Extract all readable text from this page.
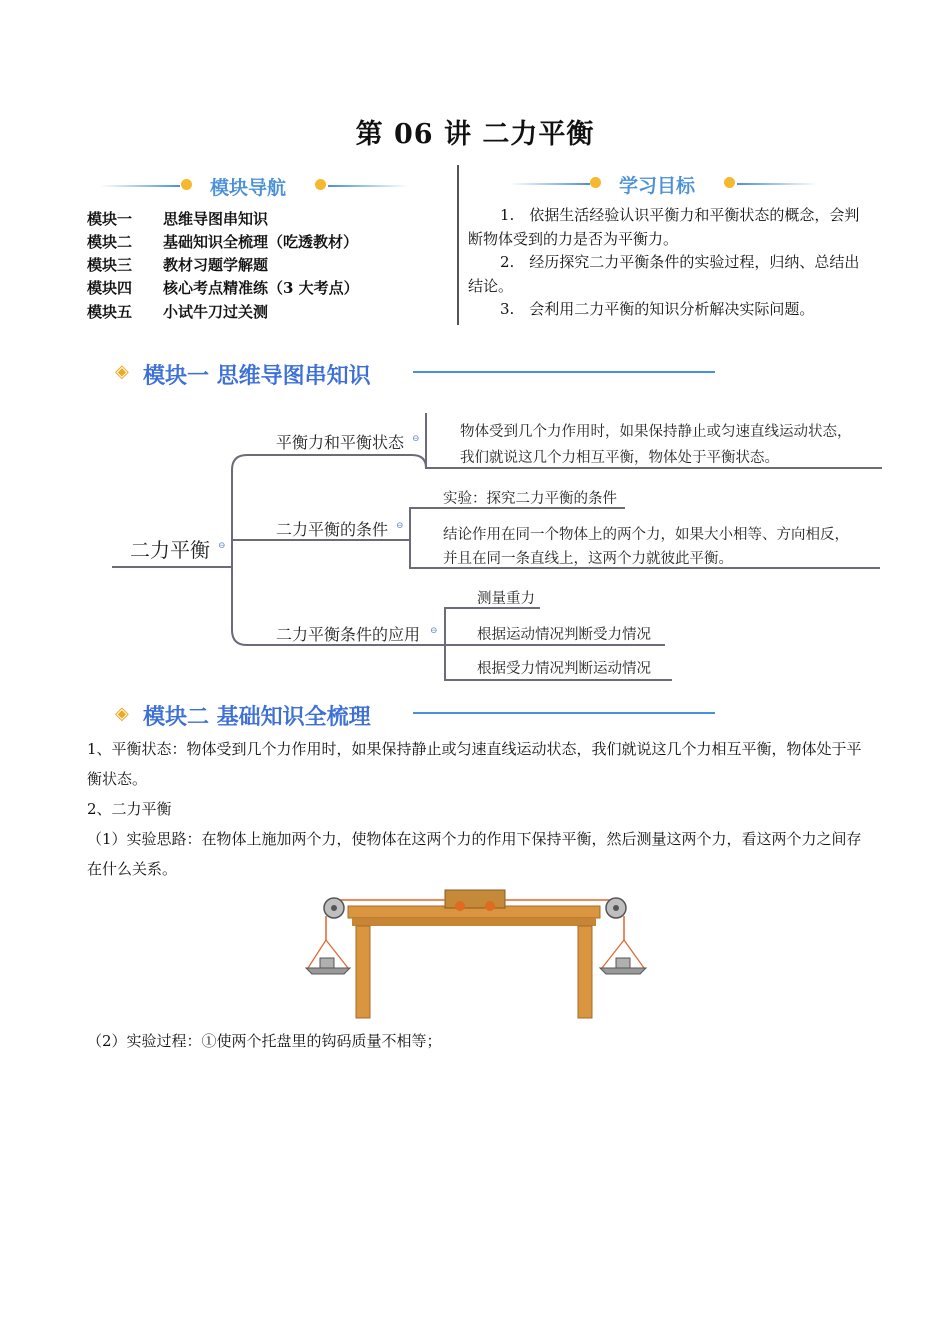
第 06 讲 二力平衡
模块导航	学习目标
模块一 思维导图串知识
模块二 基础知识全梳理（吃透教材）
模块三 教材习题学解题
模块四 核心考点精准练（3 大考点）
模块五 小试牛刀过关测
1.　依据生活经验认识平衡力和平衡状态的概念，会判断物体受到的力是否为平衡力。
2.　经历探究二力平衡条件的实验过程，归纳、总结出结论。
3.　会利用二力平衡的知识分析解决实际问题。
◈ 模块一 思维导图串知识
二力平衡 ⊖
平衡力和平衡状态 ⊖	物体受到几个力作用时，如果保持静止或匀速直线运动状态，
我们就说这几个力相互平衡，物体处于平衡状态。
二力平衡的条件 ⊖
实验：探究二力平衡的条件
结论作用在同一个物体上的两个力，如果大小相等、方向相反，
并且在同一条直线上，这两个力就彼此平衡。
二力平衡条件的应用 ⊖
测量重力
根据运动情况判断受力情况
根据受力情况判断运动情况
◈ 模块二 基础知识全梳理
1、平衡状态：物体受到几个力作用时，如果保持静止或匀速直线运动状态，我们就说这几个力相互平衡，物体处于平衡状态。
2、二力平衡
（1）实验思路：在物体上施加两个力，使物体在这两个力的作用下保持平衡，然后测量这两个力，看这两个力之间存在什么关系。
（2）实验过程：①使两个托盘里的钩码质量不相等；
